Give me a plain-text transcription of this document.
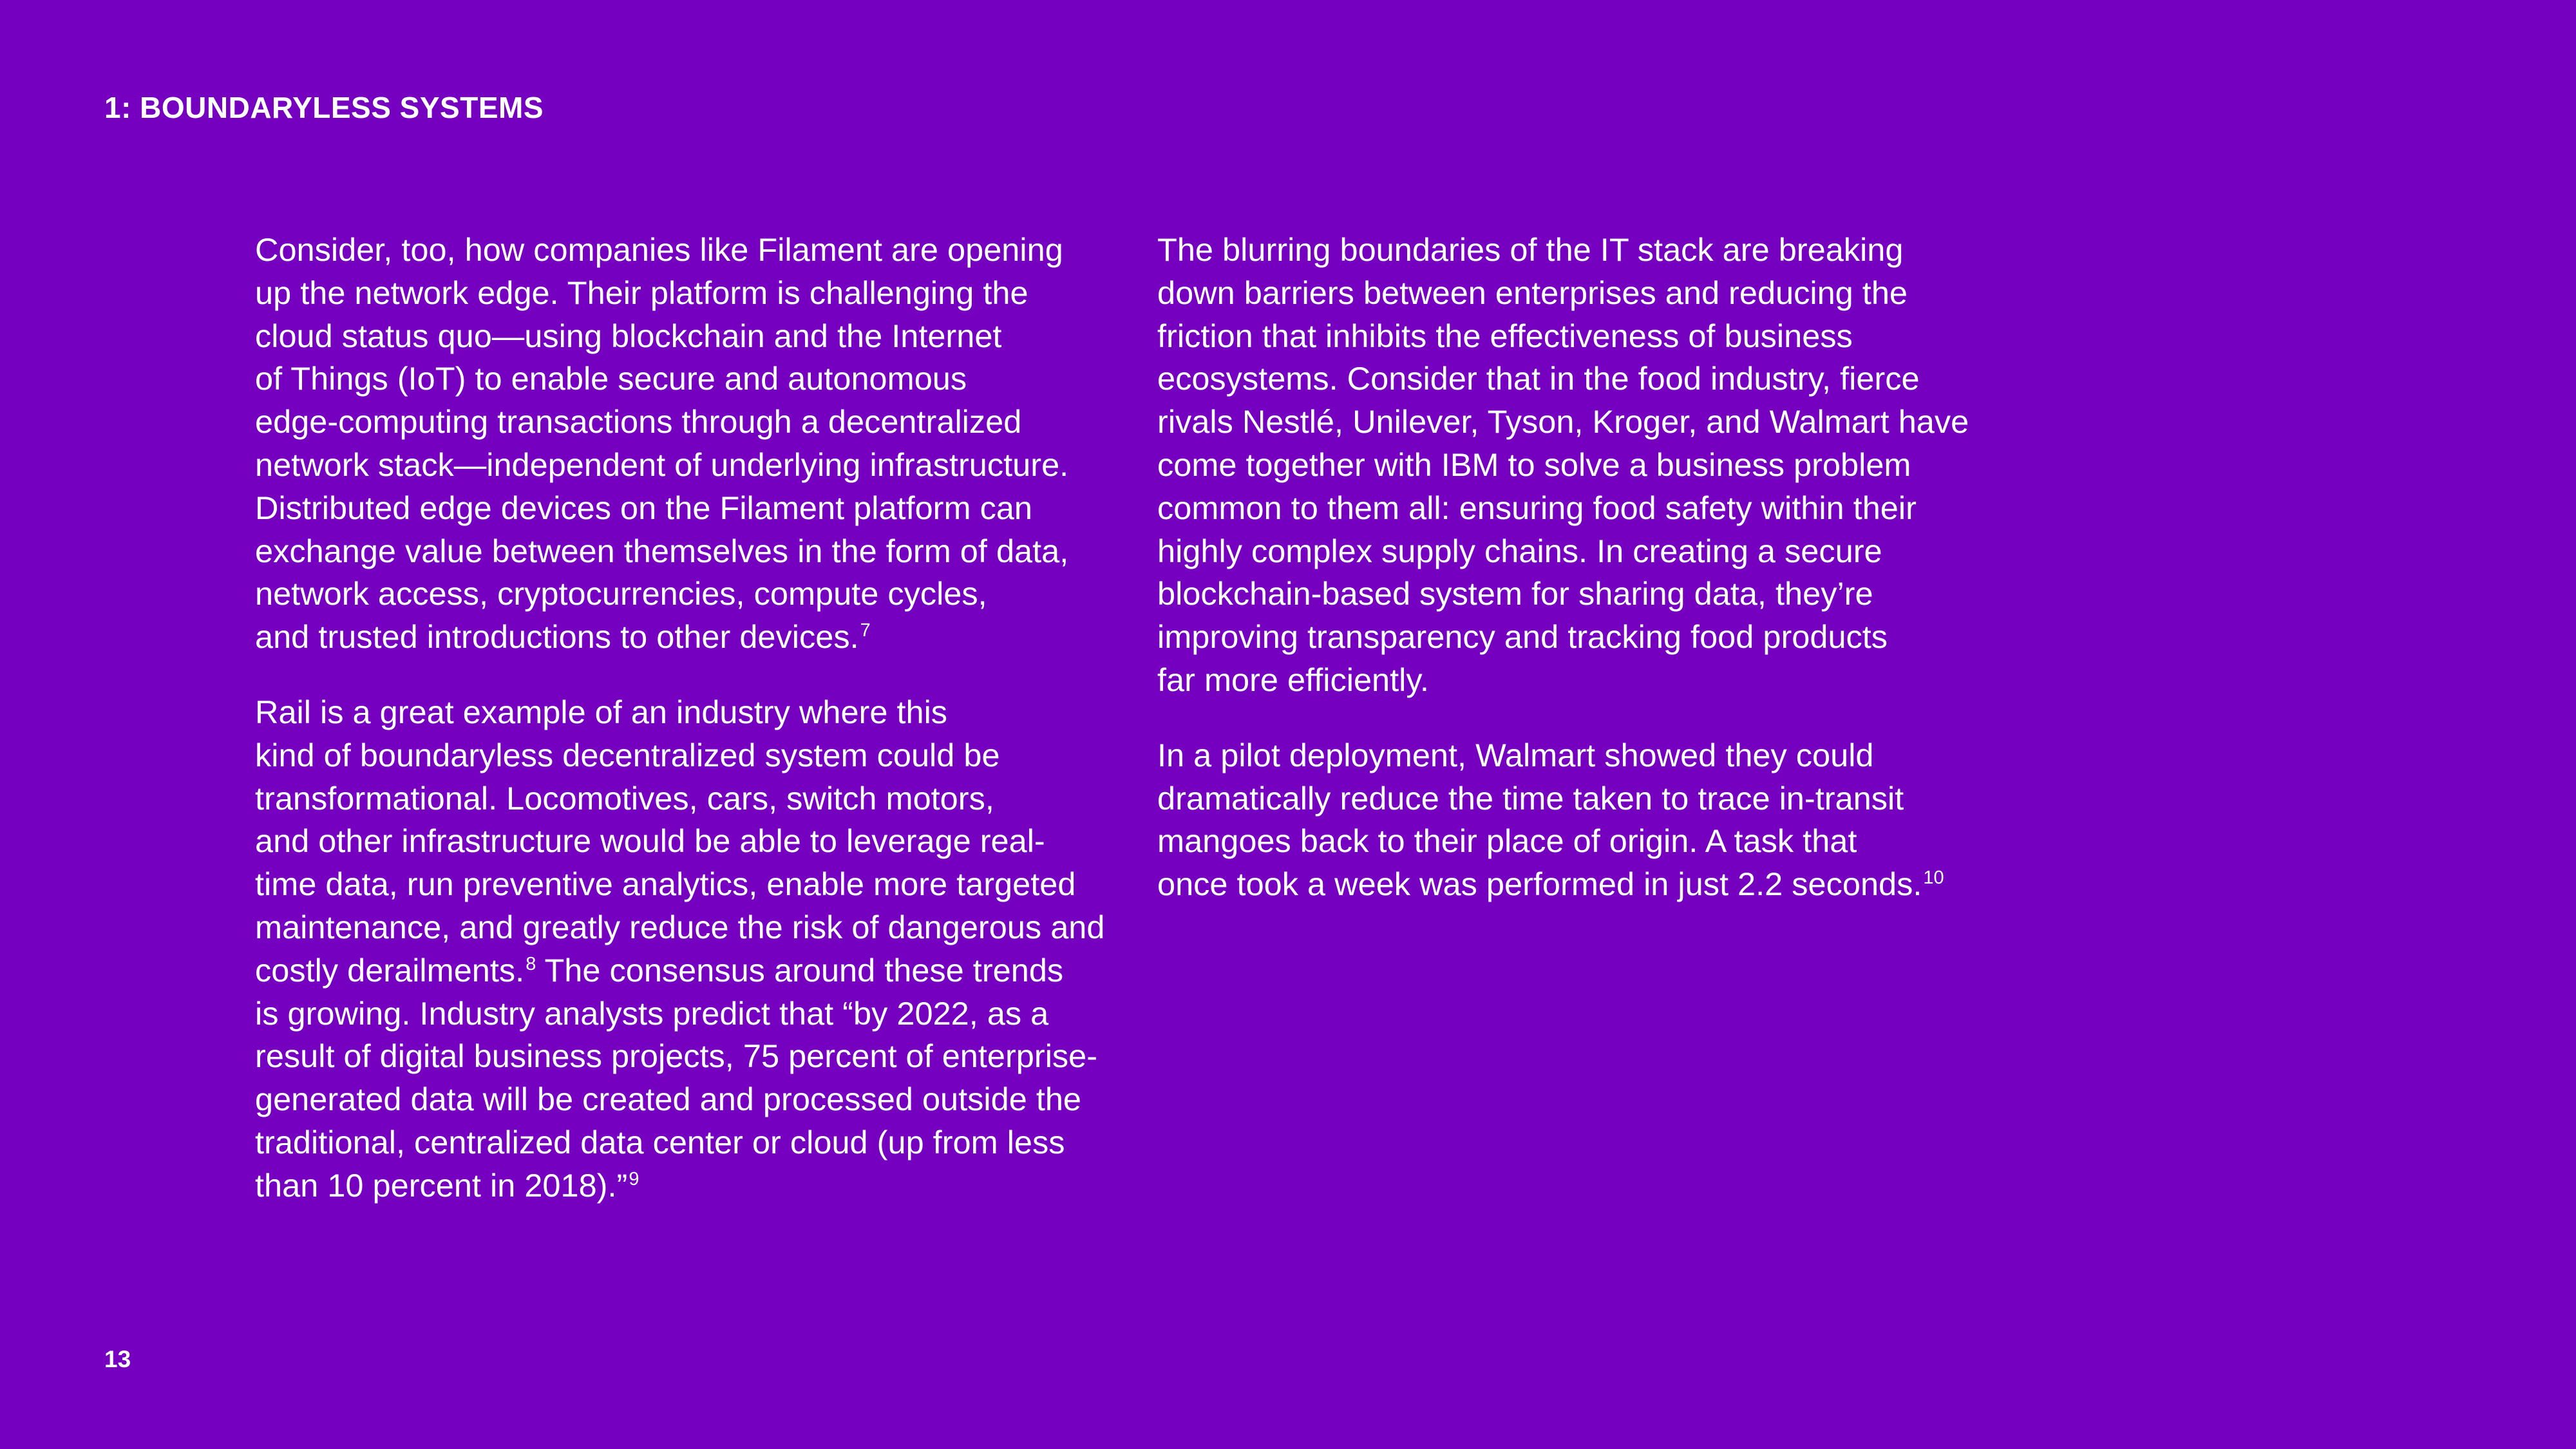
1: BOUNDARYLESS SYSTEMS

Consider, too, how companies like Filament are opening
up the network edge. Their platform is challenging the
cloud status quo—using blockchain and the Internet
of Things (IoT) to enable secure and autonomous
edge-computing transactions through a decentralized
network stack—independent of underlying infrastructure.
Distributed edge devices on the Filament platform can
exchange value between themselves in the form of data,
network access, cryptocurrencies, compute cycles,
and trusted introductions to other devices.$^7$

Rail is a great example of an industry where this
kind of boundaryless decentralized system could be
transformational. Locomotives, cars, switch motors,
and other infrastructure would be able to leverage real-
time data, run preventive analytics, enable more targeted
maintenance, and greatly reduce the risk of dangerous and
costly derailments.$^8$ The consensus around these trends
is growing. Industry analysts predict that “by 2022, as a
result of digital business projects, 75 percent of enterprise-
generated data will be created and processed outside the
traditional, centralized data center or cloud (up from less
than 10 percent in 2018).”$^9$

The blurring boundaries of the IT stack are breaking
down barriers between enterprises and reducing the
friction that inhibits the effectiveness of business
ecosystems. Consider that in the food industry, fierce
rivals Nestlé, Unilever, Tyson, Kroger, and Walmart have
come together with IBM to solve a business problem
common to them all: ensuring food safety within their
highly complex supply chains. In creating a secure
blockchain-based system for sharing data, they’re
improving transparency and tracking food products
far more efficiently.

In a pilot deployment, Walmart showed they could
dramatically reduce the time taken to trace in-transit
mangoes back to their place of origin. A task that
once took a week was performed in just 2.2 seconds.$^{10}$

13
